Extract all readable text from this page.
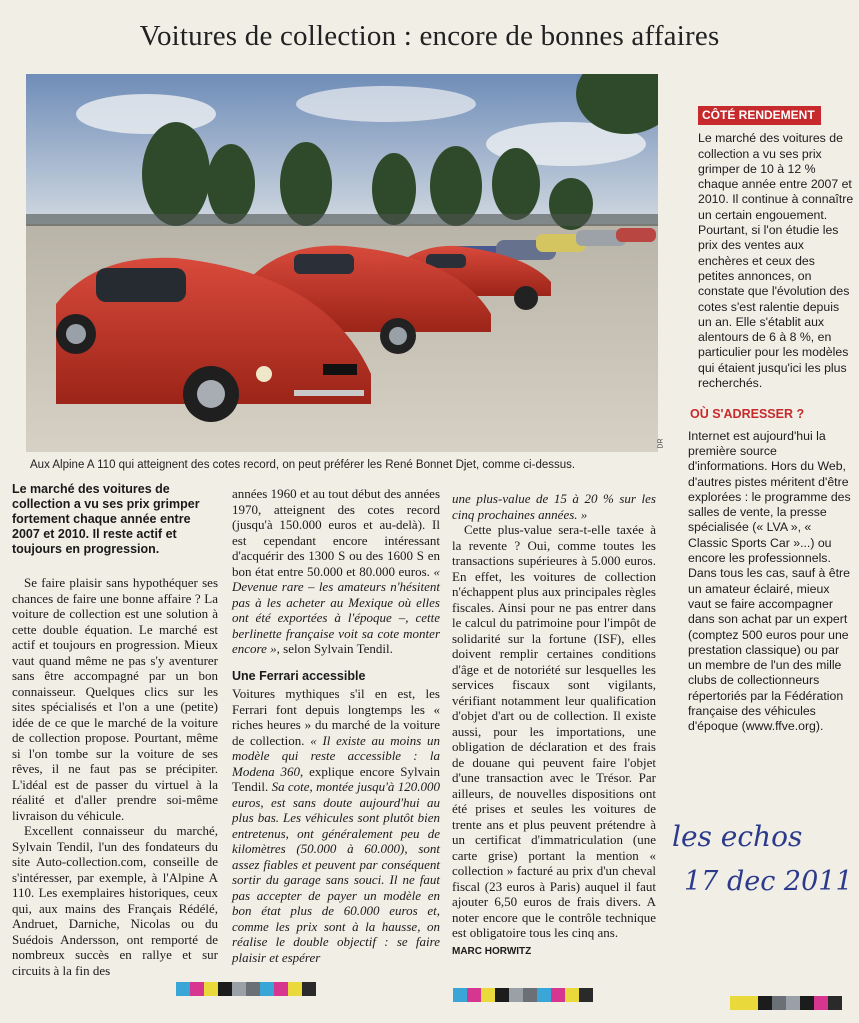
Voitures de collection : encore de bonnes affaires
DR
Aux Alpine A 110 qui atteignent des cotes record, on peut préférer les René Bonnet Djet, comme ci-dessus.
CÔTÉ RENDEMENT
Le marché des voitures de collection a vu ses prix grimper de 10 à 12 % chaque année entre 2007 et 2010. Il continue à connaître un certain engouement. Pourtant, si l'on étudie les prix des ventes aux enchères et ceux des petites annonces, on constate que l'évolution des cotes s'est ralentie depuis un an. Elle s'établit aux alentours de 6 à 8 %, en particulier pour les modèles qui étaient jusqu'ici les plus recherchés.
OÙ S'ADRESSER ?
Internet est aujourd'hui la première source d'informations. Hors du Web, d'autres pistes méritent d'être explorées : le programme des salles de vente, la presse spécialisée (« LVA », « Classic Sports Car »...) ou encore les professionnels. Dans tous les cas, sauf à être un amateur éclairé, mieux vaut se faire accompagner dans son achat par un expert (comptez 500 euros pour une prestation classique) ou par un membre de l'un des mille clubs de collectionneurs répertoriés par la Fédération française des véhicules d'époque (www.ffve.org).
Le marché des voitures de collection a vu ses prix grimper fortement chaque année entre 2007 et 2010. Il reste actif et toujours en progression.

Se faire plaisir sans hypothéquer ses chances de faire une bonne affaire ? La voiture de collection est une solution à cette double équation. Le marché est actif et toujours en progression. Mieux vaut quand même ne pas s'y aventurer sans être accompagné par un bon connaisseur. Quelques clics sur les sites spécialisés et l'on a une (petite) idée de ce que le marché de la voiture de collection propose. Pourtant, même si l'on tombe sur la voiture de ses rêves, il ne faut pas se précipiter. L'idéal est de passer du virtuel à la réalité et d'aller prendre soi-même livraison du véhicule.

Excellent connaisseur du marché, Sylvain Tendil, l'un des fondateurs du site Auto-collection.com, conseille de s'intéresser, par exemple, à l'Alpine A 110. Les exemplaires historiques, ceux qui, aux mains des Français Rédélé, Andruet, Darniche, Nicolas ou du Suédois Andersson, ont remporté de nombreux succès en rallye et sur circuits à la fin des

années 1960 et au tout début des années 1970, atteignent des cotes record (jusqu'à 150.000 euros et au-delà). Il est cependant encore intéressant d'acquérir des 1300 S ou des 1600 S en bon état entre 50.000 et 80.000 euros. « Devenue rare – les amateurs n'hésitent pas à les acheter au Mexique où elles ont été exportées à l'époque –, cette berlinette française voit sa cote monter encore », selon Sylvain Tendil.

Une Ferrari accessible

Voitures mythiques s'il en est, les Ferrari font depuis longtemps les « riches heures » du marché de la voiture de collection. « Il existe au moins un modèle qui reste accessible : la Modena 360, explique encore Sylvain Tendil. Sa cote, montée jusqu'à 120.000 euros, est sans doute aujourd'hui au plus bas. Les véhicules sont plutôt bien entretenus, ont généralement peu de kilomètres (50.000 à 60.000), sont assez fiables et peuvent par conséquent sortir du garage sans souci. Il ne faut pas accepter de payer un modèle en bon état plus de 60.000 euros et, comme les prix sont à la hausse, on réalise le double objectif : se faire plaisir et espérer

une plus-value de 15 à 20 % sur les cinq prochaines années. »

Cette plus-value sera-t-elle taxée à la revente ? Oui, comme toutes les transactions supérieures à 5.000 euros. En effet, les voitures de collection n'échappent plus aux principales règles fiscales. Ainsi pour ne pas entrer dans le calcul du patrimoine pour l'impôt de solidarité sur la fortune (ISF), elles doivent remplir certaines conditions d'âge et de notoriété sur lesquelles les services fiscaux sont vigilants, vérifiant notamment leur qualification d'objet d'art ou de collection. Il existe aussi, pour les importations, une obligation de déclaration et des frais de douane qui peuvent faire l'objet d'une transaction avec le Trésor. Par ailleurs, de nouvelles dispositions ont été prises et seules les voitures de trente ans et plus peuvent prétendre à un certificat d'immatriculation (une carte grise) portant la mention « collection » facturé au prix d'un cheval fiscal (23 euros à Paris) auquel il faut ajouter 6,50 euros de frais divers. A noter encore que le contrôle technique est obligatoire tous les cinq ans.

MARC HORWITZ
les echos
17 dec 2011
